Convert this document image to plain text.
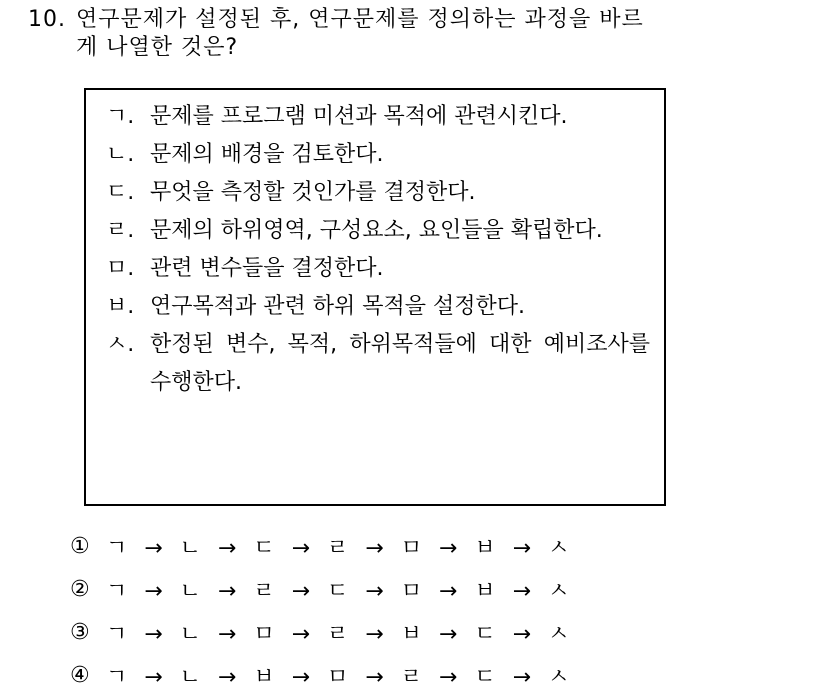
10. 연구문제가 설정된 후, 연구문제를 정의하는 과정을 바르
게 나열한 것은?
ㄱ. 문제를 프로그램 미션과 목적에 관련시킨다.
ㄴ. 문제의 배경을 검토한다.
ㄷ. 무엇을 측정할 것인가를 결정한다.
ㄹ. 문제의 하위영역, 구성요소, 요인들을 확립한다.
ㅁ. 관련 변수들을 결정한다.
ㅂ. 연구목적과 관련 하위 목적을 설정한다.
ㅅ. 한정된 변수, 목적, 하위목적들에 대한 예비조사를 수행한다.
① ㄱ → ㄴ → ㄷ → ㄹ → ㅁ → ㅂ → ㅅ
② ㄱ → ㄴ → ㄹ → ㄷ → ㅁ → ㅂ → ㅅ
③ ㄱ → ㄴ → ㅁ → ㄹ → ㅂ → ㄷ → ㅅ
④ ㄱ → ㄴ → ㅂ → ㅁ → ㄹ → ㄷ → ㅅ
